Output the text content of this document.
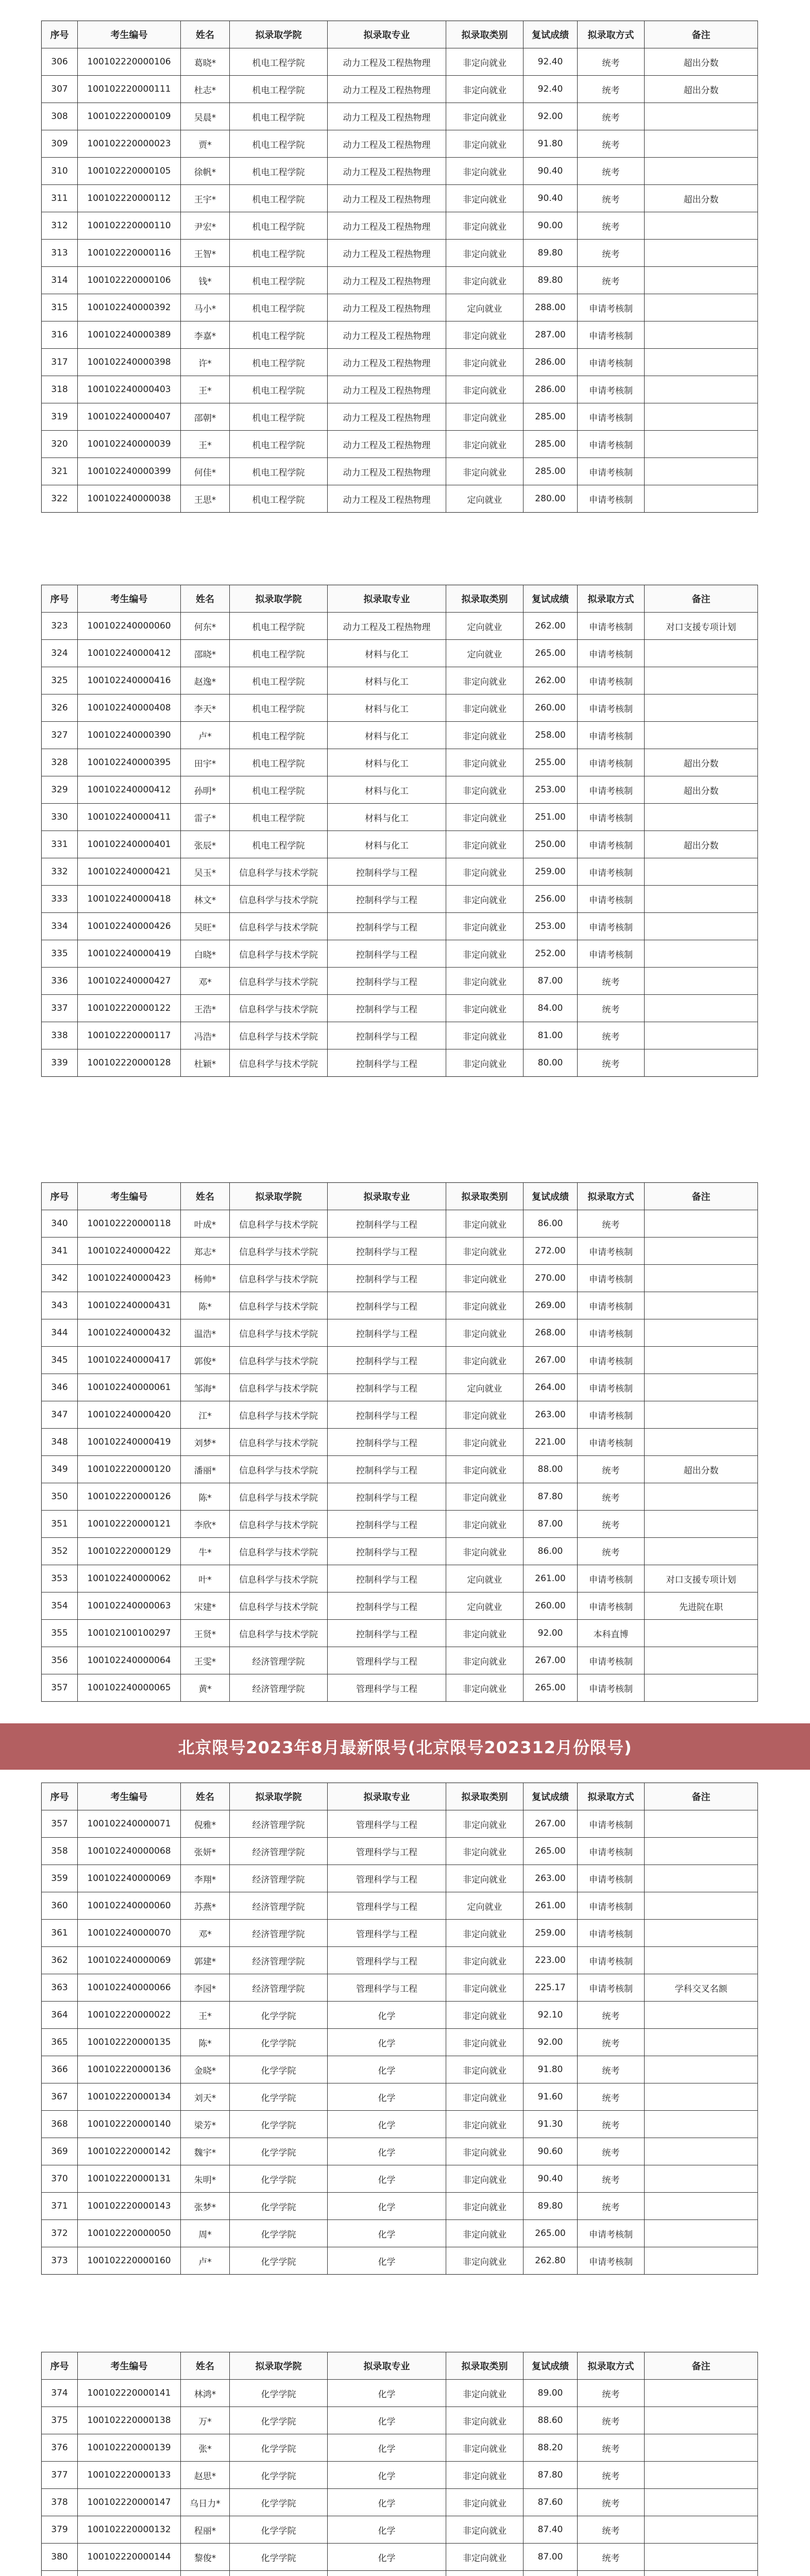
序号	考生编号	姓名	拟录取学院	拟录取专业	拟录取类别	复试成绩	拟录取方式	备注
306	100102220000106	葛晓*	机电工程学院	动力工程及工程热物理	非定向就业	92.40	统考	超出分数
307	100102220000111	杜志*	机电工程学院	动力工程及工程热物理	非定向就业	92.40	统考	超出分数
308	100102220000109	吴晨*	机电工程学院	动力工程及工程热物理	非定向就业	92.00	统考	
309	100102220000023	贾*	机电工程学院	动力工程及工程热物理	非定向就业	91.80	统考	
310	100102220000105	徐帆*	机电工程学院	动力工程及工程热物理	非定向就业	90.40	统考	
311	100102220000112	王宇*	机电工程学院	动力工程及工程热物理	非定向就业	90.40	统考	超出分数
312	100102220000110	尹宏*	机电工程学院	动力工程及工程热物理	非定向就业	90.00	统考	
313	100102220000116	王智*	机电工程学院	动力工程及工程热物理	非定向就业	89.80	统考	
314	100102220000106	钱*	机电工程学院	动力工程及工程热物理	非定向就业	89.80	统考	
315	100102240000392	马小*	机电工程学院	动力工程及工程热物理	定向就业	288.00	申请考核制	
316	100102240000389	李嘉*	机电工程学院	动力工程及工程热物理	非定向就业	287.00	申请考核制	
317	100102240000398	许*	机电工程学院	动力工程及工程热物理	非定向就业	286.00	申请考核制	
318	100102240000403	王*	机电工程学院	动力工程及工程热物理	非定向就业	286.00	申请考核制	
319	100102240000407	邵朝*	机电工程学院	动力工程及工程热物理	非定向就业	285.00	申请考核制	
320	100102240000039	王*	机电工程学院	动力工程及工程热物理	非定向就业	285.00	申请考核制	
321	100102240000399	何佳*	机电工程学院	动力工程及工程热物理	非定向就业	285.00	申请考核制	
322	100102240000038	王思*	机电工程学院	动力工程及工程热物理	定向就业	280.00	申请考核制	
序号	考生编号	姓名	拟录取学院	拟录取专业	拟录取类别	复试成绩	拟录取方式	备注
323	100102240000060	何东*	机电工程学院	动力工程及工程热物理	定向就业	262.00	申请考核制	对口支援专项计划
324	100102240000412	邵晓*	机电工程学院	材料与化工	定向就业	265.00	申请考核制	
325	100102240000416	赵逸*	机电工程学院	材料与化工	非定向就业	262.00	申请考核制	
326	100102240000408	李天*	机电工程学院	材料与化工	非定向就业	260.00	申请考核制	
327	100102240000390	卢*	机电工程学院	材料与化工	非定向就业	258.00	申请考核制	
328	100102240000395	田宇*	机电工程学院	材料与化工	非定向就业	255.00	申请考核制	超出分数
329	100102240000412	孙明*	机电工程学院	材料与化工	非定向就业	253.00	申请考核制	超出分数
330	100102240000411	雷子*	机电工程学院	材料与化工	非定向就业	251.00	申请考核制	
331	100102240000401	张辰*	机电工程学院	材料与化工	非定向就业	250.00	申请考核制	超出分数
332	100102240000421	吴玉*	信息科学与技术学院	控制科学与工程	非定向就业	259.00	申请考核制	
333	100102240000418	林文*	信息科学与技术学院	控制科学与工程	非定向就业	256.00	申请考核制	
334	100102240000426	吴旺*	信息科学与技术学院	控制科学与工程	非定向就业	253.00	申请考核制	
335	100102240000419	白晓*	信息科学与技术学院	控制科学与工程	非定向就业	252.00	申请考核制	
336	100102240000427	邓*	信息科学与技术学院	控制科学与工程	非定向就业	87.00	统考	
337	100102220000122	王浩*	信息科学与技术学院	控制科学与工程	非定向就业	84.00	统考	
338	100102220000117	冯浩*	信息科学与技术学院	控制科学与工程	非定向就业	81.00	统考	
339	100102220000128	杜颖*	信息科学与技术学院	控制科学与工程	非定向就业	80.00	统考	
序号	考生编号	姓名	拟录取学院	拟录取专业	拟录取类别	复试成绩	拟录取方式	备注
340	100102220000118	叶成*	信息科学与技术学院	控制科学与工程	非定向就业	86.00	统考	
341	100102240000422	郑志*	信息科学与技术学院	控制科学与工程	非定向就业	272.00	申请考核制	
342	100102240000423	杨帅*	信息科学与技术学院	控制科学与工程	非定向就业	270.00	申请考核制	
343	100102240000431	陈*	信息科学与技术学院	控制科学与工程	非定向就业	269.00	申请考核制	
344	100102240000432	温浩*	信息科学与技术学院	控制科学与工程	非定向就业	268.00	申请考核制	
345	100102240000417	郭俊*	信息科学与技术学院	控制科学与工程	非定向就业	267.00	申请考核制	
346	100102240000061	邹海*	信息科学与技术学院	控制科学与工程	定向就业	264.00	申请考核制	
347	100102240000420	江*	信息科学与技术学院	控制科学与工程	非定向就业	263.00	申请考核制	
348	100102240000419	刘梦*	信息科学与技术学院	控制科学与工程	非定向就业	221.00	申请考核制	
349	100102220000120	潘丽*	信息科学与技术学院	控制科学与工程	非定向就业	88.00	统考	超出分数
350	100102220000126	陈*	信息科学与技术学院	控制科学与工程	非定向就业	87.80	统考	
351	100102220000121	李欣*	信息科学与技术学院	控制科学与工程	非定向就业	87.00	统考	
352	100102220000129	牛*	信息科学与技术学院	控制科学与工程	非定向就业	86.00	统考	
353	100102240000062	叶*	信息科学与技术学院	控制科学与工程	定向就业	261.00	申请考核制	对口支援专项计划
354	100102240000063	宋建*	信息科学与技术学院	控制科学与工程	定向就业	260.00	申请考核制	先进院在职
355	100102100100297	王贤*	信息科学与技术学院	控制科学与工程	非定向就业	92.00	本科直博	
356	100102240000064	王雯*	经济管理学院	管理科学与工程	非定向就业	267.00	申请考核制	
357	100102240000065	黄*	经济管理学院	管理科学与工程	非定向就业	265.00	申请考核制	
序号	考生编号	姓名	拟录取学院	拟录取专业	拟录取类别	复试成绩	拟录取方式	备注
357	100102240000071	倪雅*	经济管理学院	管理科学与工程	非定向就业	267.00	申请考核制	
358	100102240000068	张妍*	经济管理学院	管理科学与工程	非定向就业	265.00	申请考核制	
359	100102240000069	李翔*	经济管理学院	管理科学与工程	非定向就业	263.00	申请考核制	
360	100102240000060	苏燕*	经济管理学院	管理科学与工程	定向就业	261.00	申请考核制	
361	100102240000070	邓*	经济管理学院	管理科学与工程	非定向就业	259.00	申请考核制	
362	100102240000069	郭建*	经济管理学院	管理科学与工程	非定向就业	223.00	申请考核制	
363	100102240000066	李园*	经济管理学院	管理科学与工程	非定向就业	225.17	申请考核制	学科交叉名额
364	100102220000022	王*	化学学院	化学	非定向就业	92.10	统考	
365	100102220000135	陈*	化学学院	化学	非定向就业	92.00	统考	
366	100102220000136	金晓*	化学学院	化学	非定向就业	91.80	统考	
367	100102220000134	刘天*	化学学院	化学	非定向就业	91.60	统考	
368	100102220000140	梁芳*	化学学院	化学	非定向就业	91.30	统考	
369	100102220000142	魏宇*	化学学院	化学	非定向就业	90.60	统考	
370	100102220000131	朱明*	化学学院	化学	非定向就业	90.40	统考	
371	100102220000143	张梦*	化学学院	化学	非定向就业	89.80	统考	
372	100102220000050	周*	化学学院	化学	非定向就业	265.00	申请考核制	
373	100102220000160	卢*	化学学院	化学	非定向就业	262.80	申请考核制	
序号	考生编号	姓名	拟录取学院	拟录取专业	拟录取类别	复试成绩	拟录取方式	备注
374	100102220000141	林鸿*	化学学院	化学	非定向就业	89.00	统考	
375	100102220000138	万*	化学学院	化学	非定向就业	88.60	统考	
376	100102220000139	张*	化学学院	化学	非定向就业	88.20	统考	
377	100102220000133	赵思*	化学学院	化学	非定向就业	87.80	统考	
378	100102220000147	乌日力*	化学学院	化学	非定向就业	87.60	统考	
379	100102220000132	程丽*	化学学院	化学	非定向就业	87.40	统考	
380	100102220000144	黎俊*	化学学院	化学	非定向就业	87.00	统考	

北京限号2023年8月最新限号(北京限号202312月份限号)
